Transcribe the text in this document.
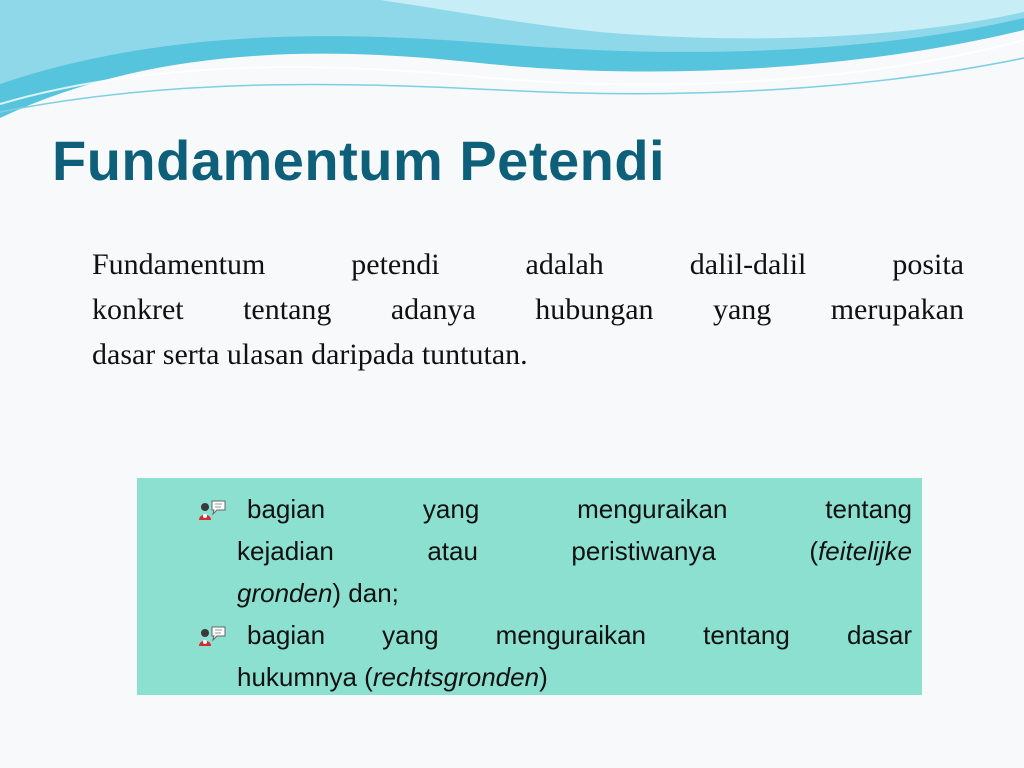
Fundamentum Petendi
Fundamentum petendi adalah dalil-dalil posita
konkret tentang adanya hubungan yang merupakan
dasar serta ulasan daripada tuntutan.
bagian yang menguraikan tentang
kejadian atau peristiwanya (feitelijke
gronden) dan;
bagian yang menguraikan tentang dasar
hukumnya (rechtsgronden)
